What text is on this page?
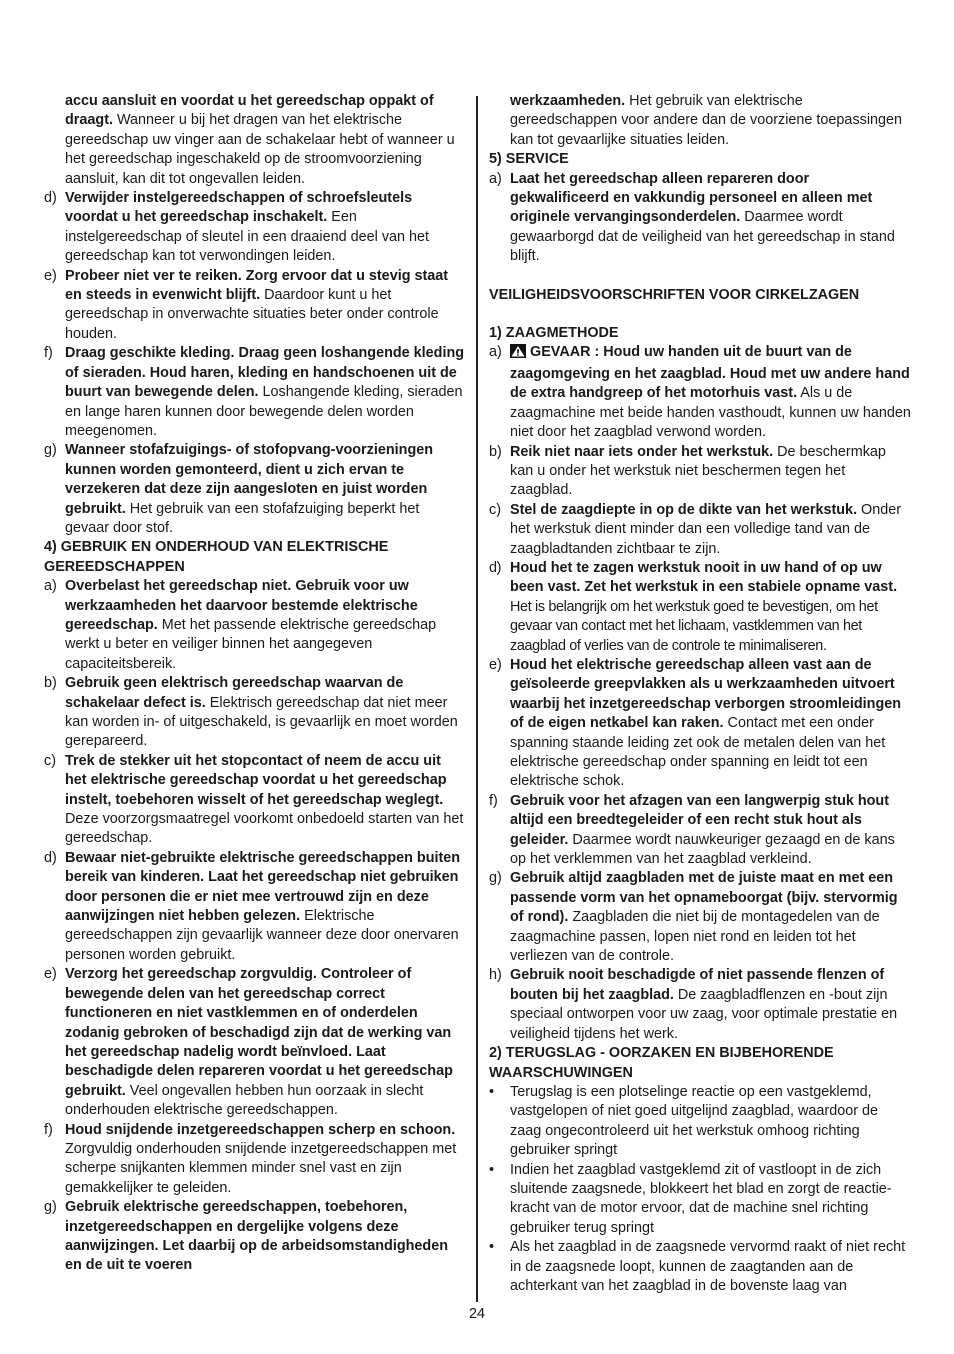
accu aansluit en voordat u het gereedschap oppakt of draagt. Wanneer u bij het dragen van het elektrische gereedschap uw vinger aan de schakelaar hebt of wanneer u het gereedschap ingeschakeld op de stroomvoorziening aansluit, kan dit tot ongevallen leiden.

d) Verwijder instelgereedschappen of schroefsleutels voordat u het gereedschap inschakelt. Een instelgereedschap of sleutel in een draaiend deel van het gereedschap kan tot verwondingen leiden.

e) Probeer niet ver te reiken. Zorg ervoor dat u stevig staat en steeds in evenwicht blijft. Daardoor kunt u het gereedschap in onverwachte situaties beter onder controle houden.

f) Draag geschikte kleding. Draag geen loshangende kleding of sieraden. Houd haren, kleding en handschoenen uit de buurt van bewegende delen. Loshangende kleding, sieraden en lange haren kunnen door bewegende delen worden meegenomen.

g) Wanneer stofafzuigings- of stofopvang-voorzieningen kunnen worden gemonteerd, dient u zich ervan te verzekeren dat deze zijn aangesloten en juist worden gebruikt. Het gebruik van een stofafzuiging beperkt het gevaar door stof.

4) GEBRUIK EN ONDERHOUD VAN ELEKTRISCHE GEREEDSCHAPPEN

a) Overbelast het gereedschap niet. Gebruik voor uw werkzaamheden het daarvoor bestemde elektrische gereedschap. Met het passende elektrische gereedschap werkt u beter en veiliger binnen het aangegeven capaciteitsbereik.

b) Gebruik geen elektrisch gereedschap waarvan de schakelaar defect is. Elektrisch gereedschap dat niet meer kan worden in- of uitgeschakeld, is gevaarlijk en moet worden gerepareerd.

c) Trek de stekker uit het stopcontact of neem de accu uit het elektrische gereedschap voordat u het gereedschap instelt, toebehoren wisselt of het gereedschap weglegt. Deze voorzorgsmaatregel voorkomt onbedoeld starten van het gereedschap.

d) Bewaar niet-gebruikte elektrische gereedschappen buiten bereik van kinderen. Laat het gereedschap niet gebruiken door personen die er niet mee vertrouwd zijn en deze aanwijzingen niet hebben gelezen. Elektrische gereedschappen zijn gevaarlijk wanneer deze door onervaren personen worden gebruikt.

e) Verzorg het gereedschap zorgvuldig. Controleer of bewegende delen van het gereedschap correct functioneren en niet vastklemmen en of onderdelen zodanig gebroken of beschadigd zijn dat de werking van het gereedschap nadelig wordt beïnvloed. Laat beschadigde delen repareren voordat u het gereedschap gebruikt. Veel ongevallen hebben hun oorzaak in slecht onderhouden elektrische gereedschappen.

f) Houd snijdende inzetgereedschappen scherp en schoon. Zorgvuldig onderhouden snijdende inzetgereedschappen met scherpe snijkanten klemmen minder snel vast en zijn gemakkelijker te geleiden.

g) Gebruik elektrische gereedschappen, toebehoren, inzetgereedschappen en dergelijke volgens deze aanwijzingen. Let daarbij op de arbeidsomstandigheden en de uit te voeren

werkzaamheden. Het gebruik van elektrische gereedschappen voor andere dan de voorziene toepassingen kan tot gevaarlijke situaties leiden.

5) SERVICE

a) Laat het gereedschap alleen repareren door gekwalificeerd en vakkundig personeel en alleen met originele vervangingsonderdelen. Daarmee wordt gewaarborgd dat de veiligheid van het gereedschap in stand blijft.

VEILIGHEIDSVOORSCHRIFTEN VOOR CIRKELZAGEN

1) ZAAGMETHODE

a) GEVAAR : Houd uw handen uit de buurt van de zaagomgeving en het zaagblad. Houd met uw andere hand de extra handgreep of het motorhuis vast. Als u de zaagmachine met beide handen vasthoudt, kunnen uw handen niet door het zaagblad verwond worden.

b) Reik niet naar iets onder het werkstuk. De beschermkap kan u onder het werkstuk niet beschermen tegen het zaagblad.

c) Stel de zaagdiepte in op de dikte van het werkstuk. Onder het werkstuk dient minder dan een volledige tand van de zaagbladtanden zichtbaar te zijn.

d) Houd het te zagen werkstuk nooit in uw hand of op uw been vast. Zet het werkstuk in een stabiele opname vast. Het is belangrijk om het werkstuk goed te bevestigen, om het gevaar van contact met het lichaam, vastklemmen van het zaagblad of verlies van de controle te minimaliseren.

e) Houd het elektrische gereedschap alleen vast aan de geïsoleerde greepvlakken als u werkzaamheden uitvoert waarbij het inzetgereedschap verborgen stroomleidingen of de eigen netkabel kan raken. Contact met een onder spanning staande leiding zet ook de metalen delen van het elektrische gereedschap onder spanning en leidt tot een elektrische schok.

f) Gebruik voor het afzagen van een langwerpig stuk hout altijd een breedtegeleider of een recht stuk hout als geleider. Daarmee wordt nauwkeuriger gezaagd en de kans op het verklemmen van het zaagblad verkleind.

g) Gebruik altijd zaagbladen met de juiste maat en met een passende vorm van het opnameboorgat (bijv. stervormig of rond). Zaagbladen die niet bij de montagedelen van de zaagmachine passen, lopen niet rond en leiden tot het verliezen van de controle.

h) Gebruik nooit beschadigde of niet passende flenzen of bouten bij het zaagblad. De zaagbladflenzen en -bout zijn speciaal ontworpen voor uw zaag, voor optimale prestatie en veiligheid tijdens het werk.

2) TERUGSLAG - OORZAKEN EN BIJBEHORENDE WAARSCHUWINGEN

• Terugslag is een plotselinge reactie op een vastgeklemd, vastgelopen of niet goed uitgelijnd zaagblad, waardoor de zaag ongecontroleerd uit het werkstuk omhoog richting gebruiker springt

• Indien het zaagblad vastgeklemd zit of vastloopt in de zich sluitende zaagsnede, blokkeert het blad en zorgt de reactie-kracht van de motor ervoor, dat de machine snel richting gebruiker terug springt

• Als het zaagblad in de zaagsnede vervormd raakt of niet recht in de zaagsnede loopt, kunnen de zaagtanden aan de achterkant van het zaagblad in de bovenste laag van

24
